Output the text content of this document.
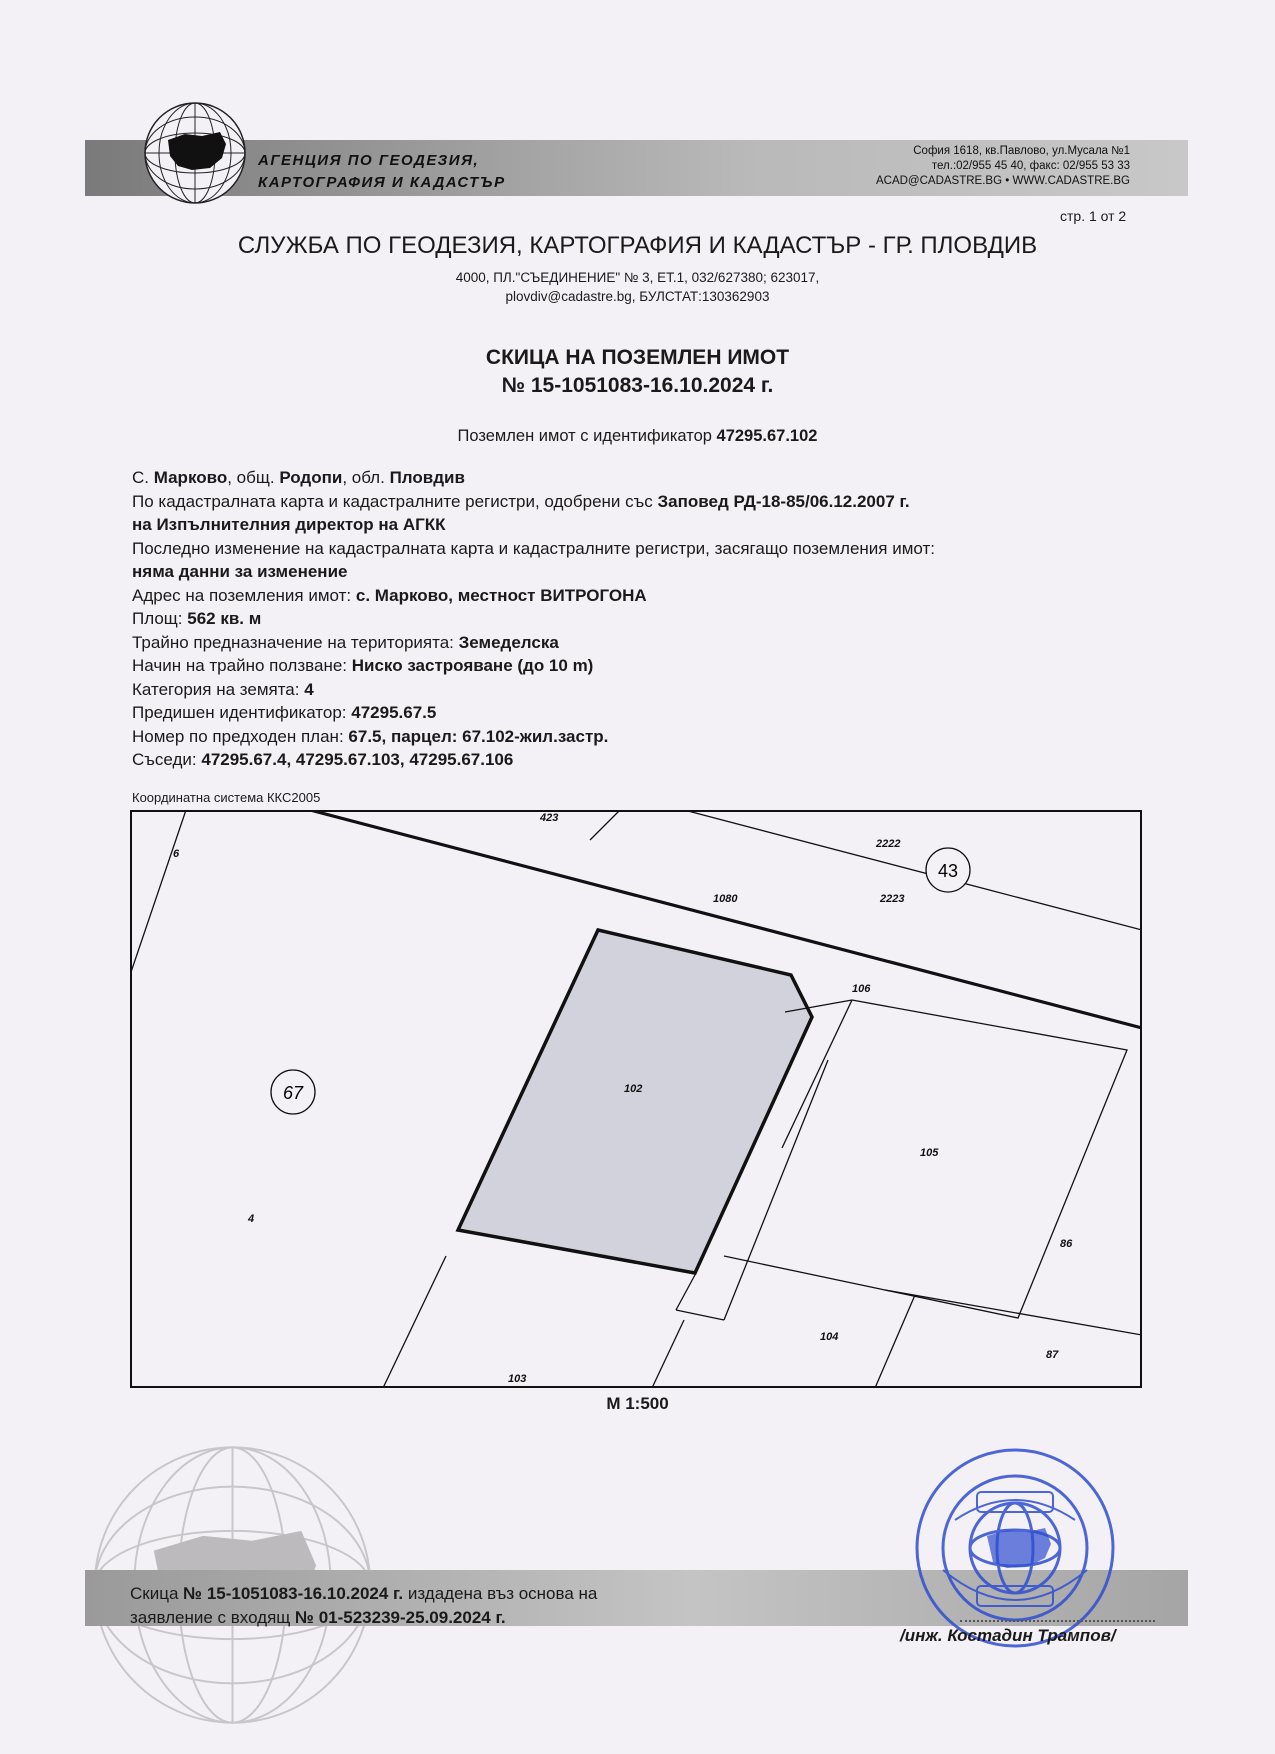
АГЕНЦИЯ ПО ГЕОДЕЗИЯ,
КАРТОГРАФИЯ И КАДАСТЪР
София 1618, кв.Павлово, ул.Мусала №1
тел.:02/955 45 40, факс: 02/955 53 33
ACAD@CADASTRE.BG • WWW.CADASTRE.BG
стр. 1 от 2
СЛУЖБА ПО ГЕОДЕЗИЯ, КАРТОГРАФИЯ И КАДАСТЪР - ГР. ПЛОВДИВ
4000, ПЛ."СЪЕДИНЕНИЕ" № 3, ЕТ.1, 032/627380; 623017,
plovdiv@cadastre.bg, БУЛСТАТ:130362903
СКИЦА НА ПОЗЕМЛЕН ИМОТ
№ 15-1051083-16.10.2024 г.
Поземлен имот с идентификатор 47295.67.102
С. Марково, общ. Родопи, обл. Пловдив
По кадастралната карта и кадастралните регистри, одобрени със Заповед РД-18-85/06.12.2007 г.
на Изпълнителния директор на АГКК
Последно изменение на кадастралната карта и кадастралните регистри, засягащо поземления имот:
няма данни за изменение
Адрес на поземления имот: с. Марково, местност ВИТРОГОНА
Площ: 562 кв. м
Трайно предназначение на територията: Земеделска
Начин на трайно ползване: Ниско застрояване (до 10 m)
Категория на земята: 4
Предишен идентификатор: 47295.67.5
Номер по предходен план: 67.5, парцел: 67.102-жил.застр.
Съседи: 47295.67.4, 47295.67.103, 47295.67.106
Координатна система ККС2005
43
67
423
6
2222
1080	2223
106
102
105
4
86
104
87
103
М 1:500
Скица № 15-1051083-16.10.2024 г. издадена въз основа на
заявление с входящ № 01-523239-25.09.2024 г.
/инж. Костадин Трампов/
